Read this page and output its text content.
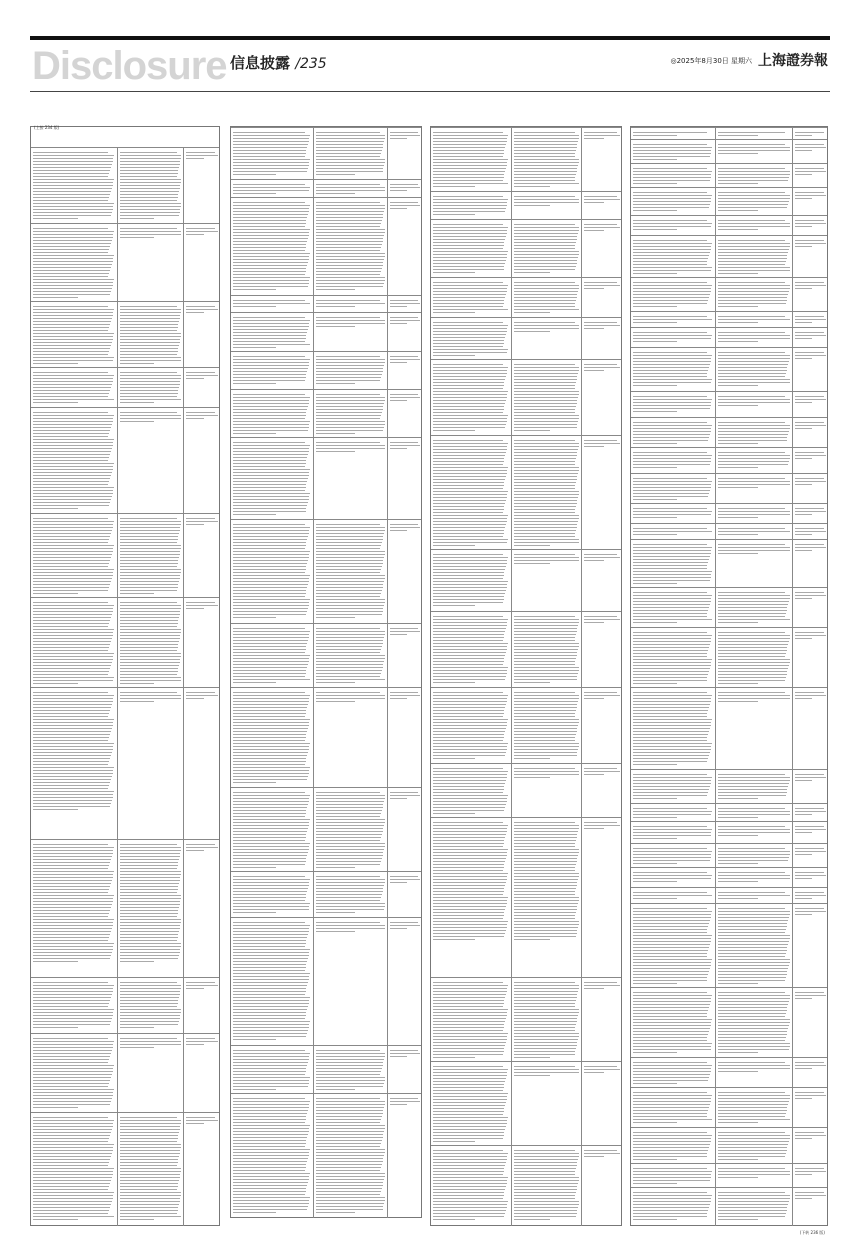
Disclosure 信息披露 /235	◎2025年8月30日 星期六 上海證券報
(上接 234 版)
(下转 236 版)
